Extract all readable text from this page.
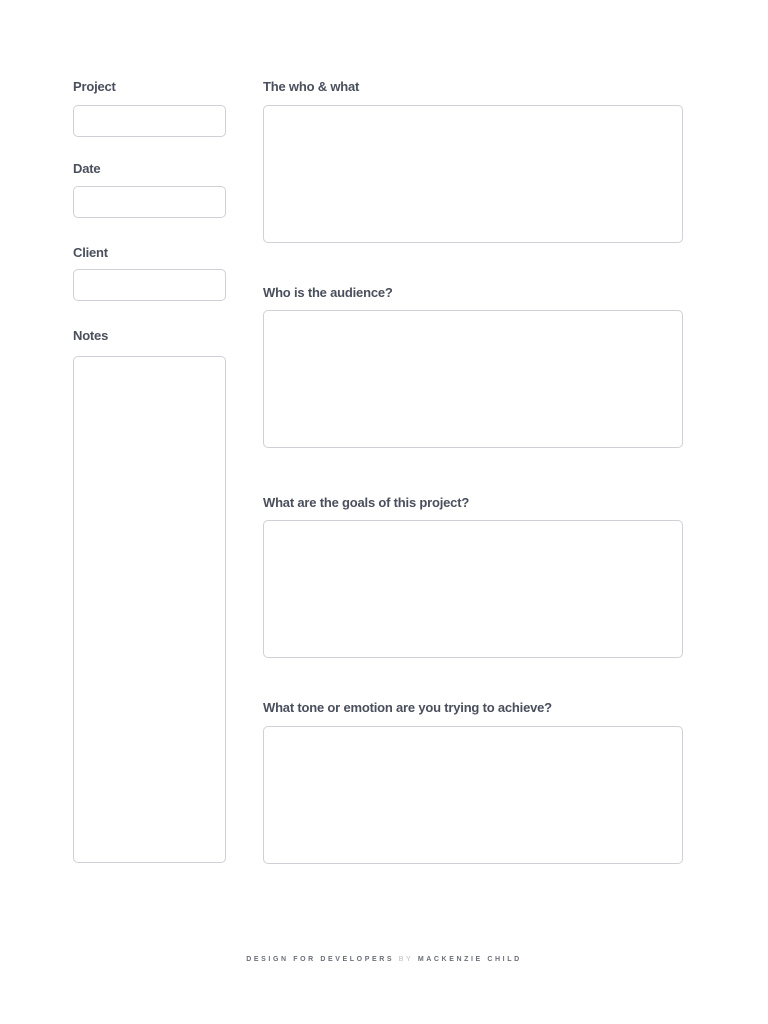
Project
Date
Client
Notes
The who & what
Who is the audience?
What are the goals of this project?
What tone or emotion are you trying to achieve?
DESIGN FOR DEVELOPERS BY MACKENZIE CHILD
